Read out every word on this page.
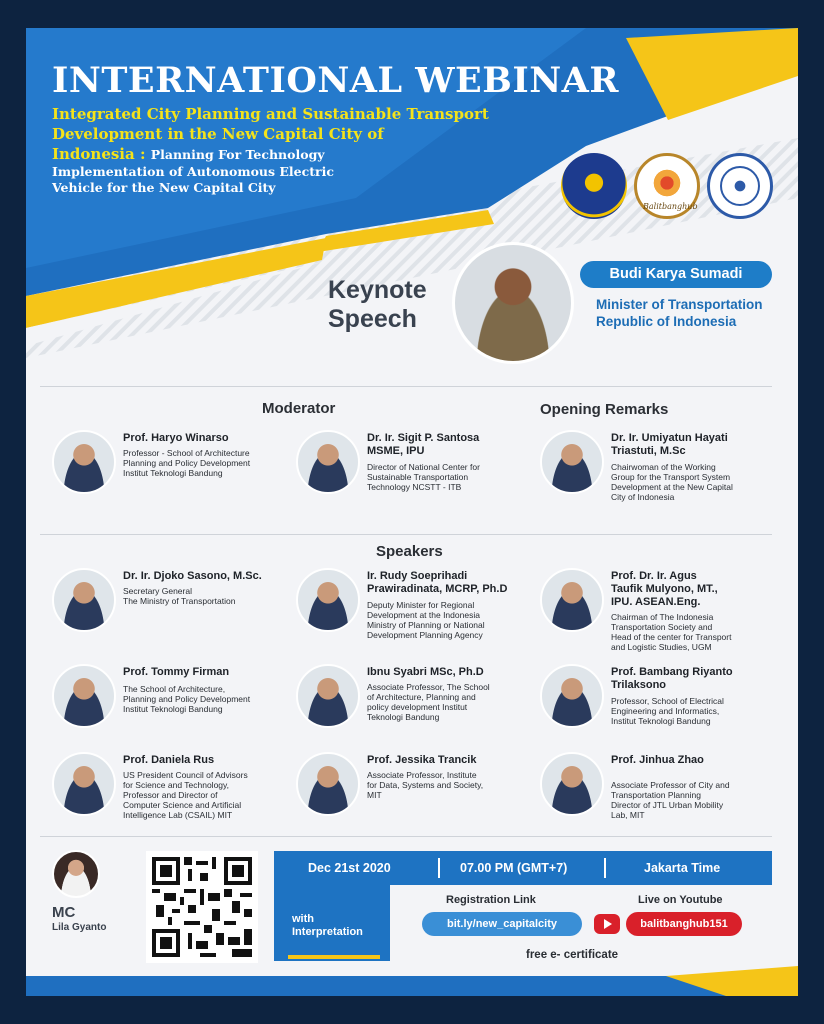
INTERNATIONAL WEBINAR
Integrated City Planning and Sustainable Transport
Development in the New Capital City of
Indonesia : Planning For Technology
Implementation of Autonomous Electric
Vehicle for the New Capital City
Balitbanghub
Keynote
Speech
Budi Karya Sumadi
Minister of Transportation
Republic of Indonesia
Moderator	Opening Remarks
Prof. Haryo Winarso
Professor - School of Architecture
Planning and Policy Development
Institut Teknologi Bandung
Dr. Ir. Sigit P. Santosa
MSME, IPU
Director of National Center for
Sustainable Transportation
Technology NCSTT - ITB
Dr. Ir. Umiyatun Hayati
Triastuti, M.Sc
Chairwoman of the Working
Group for the Transport System
Development at the New Capital
City of Indonesia
Speakers
Dr. Ir. Djoko Sasono, M.Sc.
Secretary General
The Ministry of Transportation
Ir. Rudy Soeprihadi
Prawiradinata, MCRP, Ph.D
Deputy Minister for Regional
Development at the Indonesia
Ministry of Planning or National
Development Planning Agency
Prof. Dr. Ir. Agus
Taufik Mulyono, MT.,
IPU. ASEAN.Eng.
Chairman of The Indonesia
Transportation Society and
Head of the center for Transport
and Logistic Studies, UGM
Prof. Tommy Firman
The School of Architecture,
Planning and Policy Development
Institut Teknologi Bandung
Ibnu Syabri MSc, Ph.D
Associate Professor, The School
of Architecture, Planning and
policy development Institut
Teknologi Bandung
Prof. Bambang Riyanto
Trilaksono
Professor, School of Electrical
Engineering and Informatics,
Institut Teknologi Bandung
Prof. Daniela Rus
US President Council of Advisors
for Science and Technology,
Professor and Director of
Computer Science and Artificial
Intelligence Lab (CSAIL) MIT
Prof. Jessika Trancik
Associate Professor, Institute
for Data, Systems and Society,
MIT
Prof. Jinhua Zhao
Associate Professor of City and
Transportation Planning
Director of JTL Urban Mobility
Lab, MIT
MC
Lila Gyanto
Dec 21st 2020	07.00 PM (GMT+7)	Jakarta Time
with
Interpretation
Registration Link	Live on Youtube
bit.ly/new_capitalcity	balitbanghub151
free e- certificate
